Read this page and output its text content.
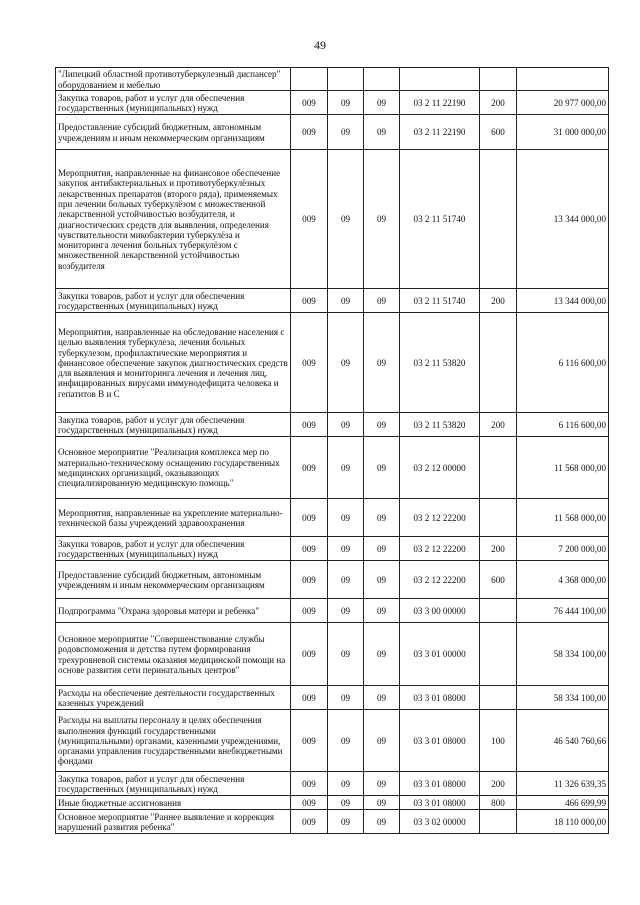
49
"Липецкий областной противотуберкулезный диспансер" оборудованием и мебелью						
Закупка товаров, работ и услуг для обеспечения государственных (муниципальных) нужд	009	09	09	03 2 11 22190	200	20 977 000,00
Предоставление субсидий бюджетным, автономным учреждениям и иным некоммерческим организациям	009	09	09	03 2 11 22190	600	31 000 000,00
Мероприятия, направленные на финансовое обеспечение закупок антибактериальных и противотуберкулёзных лекарственных препаратов (второго ряда), применяемых при лечении больных туберкулёзом с множественной лекарственной устойчивостью возбудителя, и диагностических средств для выявления, определения чувствительности микобактерии туберкулёза и мониторинга лечения больных туберкулёзом с множественной лекарственной устойчивостью возбудителя	009	09	09	03 2 11 51740		13 344 000,00
Закупка товаров, работ и услуг для обеспечения государственных (муниципальных) нужд	009	09	09	03 2 11 51740	200	13 344 000,00
Мероприятия, направленные на обследование населения с целью выявления туберкулеза, лечения больных туберкулезом, профилактические мероприятия и финансовое обеспечение закупок диагностических средств для выявления и мониторинга лечения и лечения лиц, инфицированных вирусами иммунодефицита человека и гепатитов В и С	009	09	09	03 2 11 53820		6 116 600,00
Закупка товаров, работ и услуг для обеспечения государственных (муниципальных) нужд	009	09	09	03 2 11 53820	200	6 116 600,00
Основное мероприятие "Реализация комплекса мер по материально-техническому оснащению государственных медицинских организаций, оказывающих специализированную медицинскую помощь"	009	09	09	03 2 12 00000		11 568 000,00
Мероприятия, направленные на укрепление материально-технической базы учреждений здравоохранения	009	09	09	03 2 12 22200		11 568 000,00
Закупка товаров, работ и услуг для обеспечения государственных (муниципальных) нужд	009	09	09	03 2 12 22200	200	7 200 000,00
Предоставление субсидий бюджетным, автономным учреждениям и иным некоммерческим организациям	009	09	09	03 2 12 22200	600	4 368 000,00
Подпрограмма "Охрана здоровья матери и ребенка"	009	09	09	03 3 00 00000		76 444 100,00
Основное мероприятие "Совершенствование службы родовспоможения и детства путем формирования трехуровневой системы оказания медицинской помощи на основе развития сети перинатальных центров"	009	09	09	03 3 01 00000		58 334 100,00
Расходы на обеспечение деятельности государственных казенных учреждений	009	09	09	03 3 01 08000		58 334 100,00
Расходы на выплаты персоналу в целях обеспечения выполнения функций государственными (муниципальными) органами, казенными учреждениями, органами управления государственными внебюджетными фондами	009	09	09	03 3 01 08000	100	46 540 760,66
Закупка товаров, работ и услуг для обеспечения государственных (муниципальных) нужд	009	09	09	03 3 01 08000	200	11 326 639,35
Иные бюджетные ассигнования	009	09	09	03 3 01 08000	800	466 699,99
Основное мероприятие "Раннее выявление и коррекция нарушений развития ребенка"	009	09	09	03 3 02 00000		18 110 000,00
